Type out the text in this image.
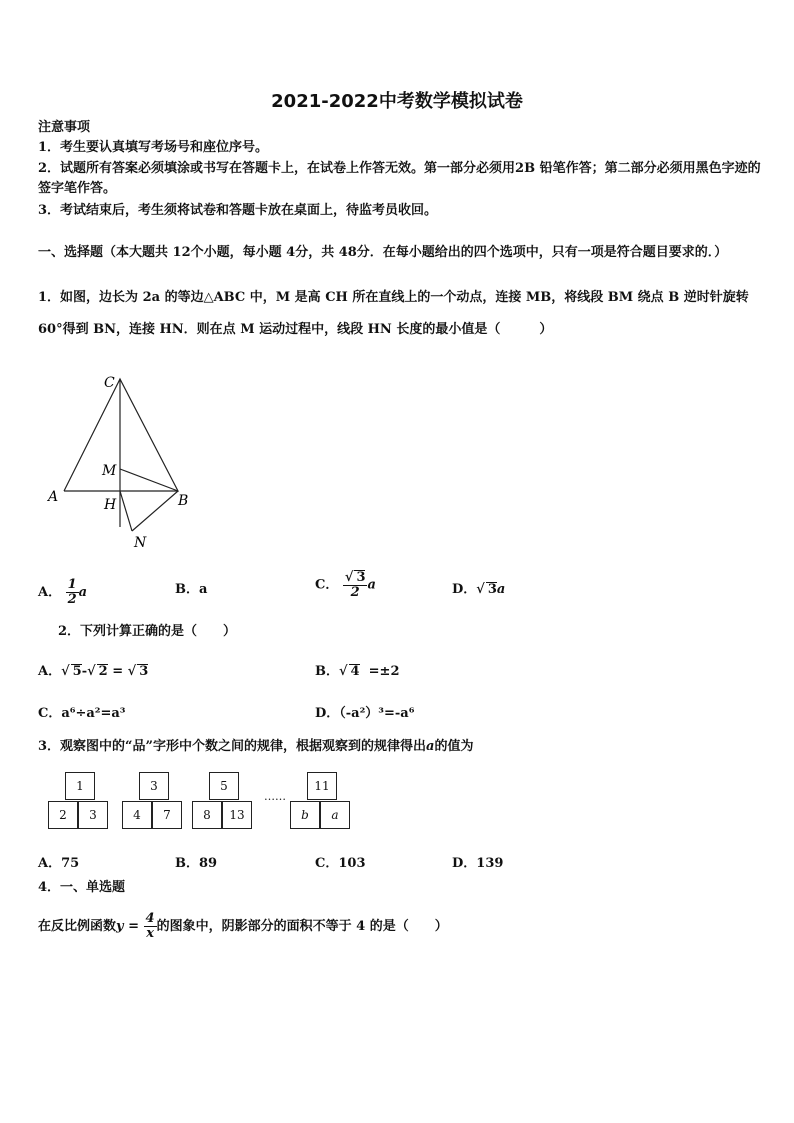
2021-2022中考数学模拟试卷
注意事项
1．考生要认真填写考场号和座位序号。
2．试题所有答案必须填涂或书写在答题卡上，在试卷上作答无效。第一部分必须用2B 铅笔作答；第二部分必须用黑色字迹的签字笔作答。
3．考试结束后，考生须将试卷和答题卡放在桌面上，待监考员收回。
一、选择题（本大题共 12个小题，每小题 4分，共 48分．在每小题给出的四个选项中，只有一项是符合题目要求的．）
1．如图，边长为 2a 的等边△ABC 中，M 是高 CH 所在直线上的一个动点，连接 MB，将线段 BM 绕点 B 逆时针旋转
60°得到 BN，连接 HN．则在点 M 运动过程中，线段 HN 长度的最小值是（　　　）
C
M
A	H	B
N
A． $\frac{1}{2}$ a	B．a	C． $\frac{√ 3}{2}$ a	D．√ 3a
2．下列计算正确的是（　　）
A．√ 5-√ 2 = √ 3	B．√ 4 =±2
C．a⁶÷a²=a³	D．（-a²）³=-a⁶
3．观察图中的“品”字形中个数之间的规律，根据观察到的规律得出a的值为
1
2	3
3
4	7
5
8	13
……
11
b	a
A．75	B．89	C．103	D．139
4．一、单选题
在反比例函数$y = \frac{4}{x}$ 的图象中，阴影部分的面积不等于 4 的是（　　）
